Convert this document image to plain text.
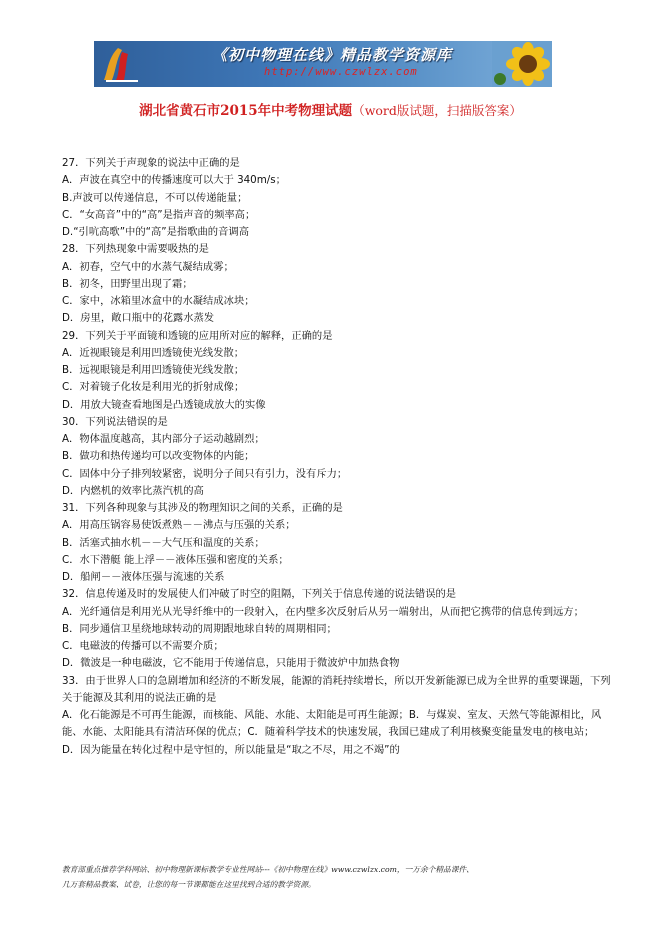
《初中物理在线》精品教学资源库
http://www.czwlzx.com
湖北省黄石市2015年中考物理试题（word版试题，扫描版答案）
27．下列关于声现象的说法中正确的是
A．声波在真空中的传播速度可以大于 340m/s；
B.声波可以传递信息，不可以传递能量；
C．“女高音”中的“高”是指声音的频率高；
D.“引吭高歌”中的“高”是指歌曲的音调高
28．下列热现象中需要吸热的是
A．初春，空气中的水蒸气凝结成雾；
B．初冬，田野里出现了霜；
C．家中，冰箱里冰盒中的水凝结成冰块；
D．房里，敞口瓶中的花露水蒸发
29．下列关于平面镜和透镜的应用所对应的解释，正确的是
A．近视眼镜是利用凹透镜使光线发散；
B．远视眼镜是利用凹透镜使光线发散；
C．对着镜子化妆是利用光的折射成像；
D．用放大镜查看地图是凸透镜成放大的实像
30．下列说法错误的是
A．物体温度越高，其内部分子运动越剧烈；
B．做功和热传递均可以改变物体的内能；
C．固体中分子排列较紧密，说明分子间只有引力，没有斥力；
D．内燃机的效率比蒸汽机的高
31．下列各种现象与其涉及的物理知识之间的关系，正确的是
A．用高压锅容易使饭煮熟－－沸点与压强的关系；
B．活塞式抽水机－－大气压和温度的关系；
C．水下潜艇 能上浮－－液体压强和密度的关系；
D．船闸－－液体压强与流速的关系
32．信息传递及时的发展使人们冲破了时空的阻隔，下列关于信息传递的说法错误的是
A．光纤通信是利用光从光导纤维中的一段射入，在内壁多次反射后从另一端射出，从而把它携带的信息传到远方；
B．同步通信卫星绕地球转动的周期跟地球自转的周期相同；
C．电磁波的传播可以不需要介质；
D．微波是一种电磁波，它不能用于传递信息，只能用于微波炉中加热食物
33．由于世界人口的急剧增加和经济的不断发展，能源的消耗持续增长，所以开发新能源已成为全世界的重要课题，下列关于能源及其利用的说法正确的是
A．化石能源是不可再生能源，而核能、风能、水能、太阳能是可再生能源；B．与煤炭、室友、天然气等能源相比，风能、水能、太阳能具有清洁环保的优点；C．随着科学技术的快速发展，我国已建成了利用核聚变能量发电的核电站；
D．因为能量在转化过程中是守恒的，所以能量是“取之不尽，用之不竭”的
教育部重点推荐学科网站、初中物理新课标教学专业性网站---《初中物理在线》www.czwlzx.com，一万余个精品课件、
几万套精品教案、试卷，让您的每一节课都能在这里找到合适的教学资源。
